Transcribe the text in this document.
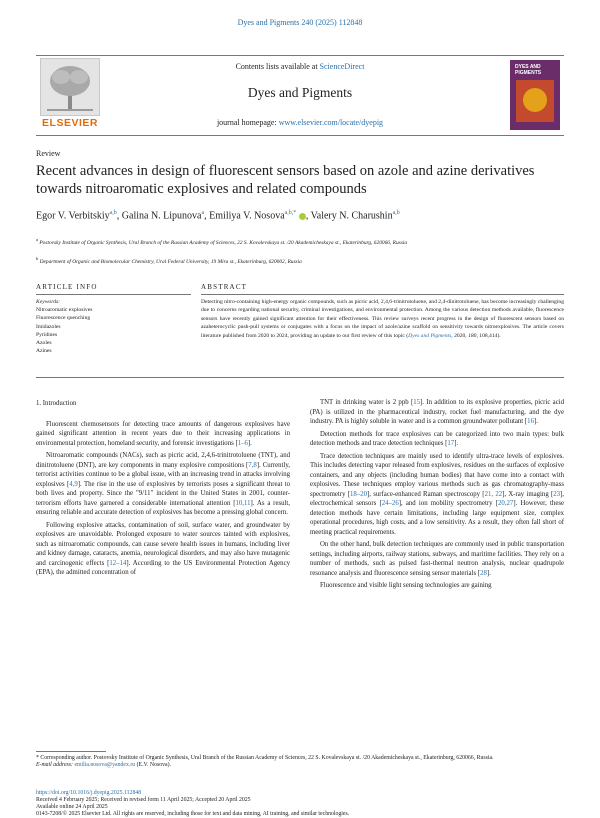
Dyes and Pigments 240 (2025) 112848
ELSEVIER
Contents lists available at ScienceDirect
Dyes and Pigments
journal homepage: www.elsevier.com/locate/dyepig
DYES AND PIGMENTS
Review
Recent advances in design of fluorescent sensors based on azole and azine derivatives towards nitroaromatic explosives and related compounds
Egor V. Verbitskiy$^{a,b}$, Galina N. Lipunova$^a$, Emiliya V. Nosova$^{a,b,*}$ , Valery N. Charushin$^{a,b}$
$^a$ Postovsky Institute of Organic Synthesis, Ural Branch of the Russian Academy of Sciences, 22 S. Kovalevskaya st. /20 Akademicheskaya st., Ekaterinburg, 620066, Russia
$^b$ Department of Organic and Biomolecular Chemistry, Ural Federal University, 19 Mira st., Ekaterinburg, 620002, Russia
ARTICLE INFO	ABSTRACT
Keywords:
Nitroaromatic explosives
Fluorescence quenching
Imidazoles
Pyridines
Azoles
Azines
Detecting nitro-containing high-energy organic compounds, such as picric acid, 2,4,6-trinitrotoluene, and 2,4-dinitrotoluene, has become increasingly challenging due to concerns regarding national security, criminal investigations, and environmental protection. Among the various detection methods available, fluorescence sensors have recently gained significant attention for their effectiveness. This review surveys recent progress in the design of fluorescent sensors based on azaheterocyclic push-pull systems or conjugates with a focus on the impact of azole/azine scaffold on sensitivity towards nitroexplosives. The article covers literature published from 2020 to 2024, providing an update to our first review of this topic (Dyes and Pigments, 2020, 180, 108,414).

1. Introduction

Fluorescent chemosensors for detecting trace amounts of dangerous explosives have gained significant attention in recent years due to their increasing applications in environmental protection, homeland security, and forensic investigations [1–6].

Nitroaromatic compounds (NACs), such as picric acid, 2,4,6-trinitrotoluene (TNT), and dinitrotoluene (DNT), are key components in many explosive compositions [7,8]. Currently, terrorist activities continue to be a global issue, with an increasing trend in attacks involving explosives [4,9]. The rise in the use of explosives by terrorists poses a significant threat to both lives and property. Since the "9/11" incident in the United States in 2001, counter-terrorism efforts have garnered a considerable international attention [10,11]. As a result, ensuring reliable and accurate detection of explosives has become a pressing global concern.

Following explosive attacks, contamination of soil, surface water, and groundwater by explosives are unavoidable. Prolonged exposure to water sources tainted with explosives, such as nitroaromatic compounds, can cause severe health issues in humans, including liver and kidney damage, cataracts, anemia, neurological disorders, and may also have mutagenic and carcinogenic effects [12–14]. According to the US Environmental Protection Agency (EPA), the admitted concentration of

TNT in drinking water is 2 ppb [15]. In addition to its explosive properties, picric acid (PA) is utilized in the pharmaceutical industry, rocket fuel manufacturing, and the dye industry. PA is highly soluble in water and is a common groundwater pollutant [16].

Detection methods for trace explosives can be categorized into two main types: bulk detection methods and trace detection techniques [17].

Trace detection techniques are mainly used to identify ultra-trace levels of explosives. This includes detecting vapor released from explosives, residues on the surfaces of explosive containers, and any objects (including human bodies) that have come into a contact with explosives. These techniques employ various methods such as gas chromatography-mass spectrometry [18–20], surface-enhanced Raman spectroscopy [21, 22], X-ray imaging [23], electrochemical sensors [24–26], and ion mobility spectrometry [20,27]. However, these detection methods have certain limitations, including large equipment size, complex operational procedures, high costs, and a low sensitivity. As a result, they often fall short of meeting practical requirements.

On the other hand, bulk detection techniques are commonly used in public transportation settings, including airports, railway stations, subways, and maritime facilities. They rely on a number of methods, such as pulsed fast-thermal neutron analysis, nuclear quadrupole resonance analysis and fluorescence sensing sensor materials [28].

Fluorescence and visible light sensing technologies are gaining

* Corresponding author. Postovsky Institute of Organic Synthesis, Ural Branch of the Russian Academy of Sciences, 22 S. Kovalevskaya st. /20 Akademicheskaya st., Ekaterinburg, 620066, Russia.
E-mail address: emilia.nosova@yandex.ru (E.V. Nosova).
https://doi.org/10.1016/j.dyepig.2025.112848
Received 4 February 2025; Received in revised form 11 April 2025; Accepted 20 April 2025
Available online 24 April 2025
0143-7208/© 2025 Elsevier Ltd. All rights are reserved, including those for text and data mining, AI training, and similar technologies.
